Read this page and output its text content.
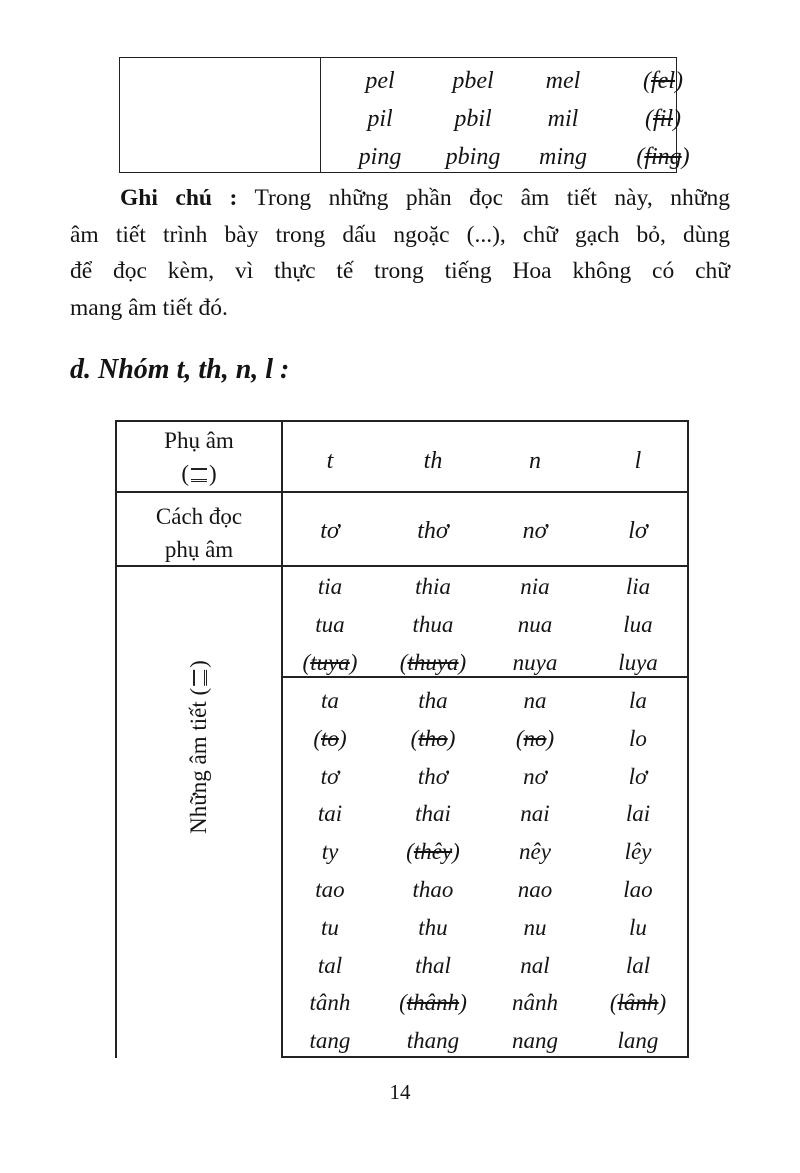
pel	pbel	mel	(fel)
pil	pbil	mil	(fil)
ping	pbing	ming	(fing)
Ghi chú : Trong những phần đọc âm tiết này, những
âm tiết trình bày trong dấu ngoặc (...), chữ gạch bỏ, dùng
để đọc kèm, vì thực tế trong tiếng Hoa không có chữ
mang âm tiết đó.
d. Nhóm t, th, n, l :
Phụ âm
( )	t	th	n	l
Cách đọc
phụ âm
tơ	thơ	nơ	lơ
Những âm tiết ()
tia	thia	nia	lia
tua	thua	nua	lua
(tuya)	(thuya)	nuya	luya
ta	tha	na	la
(to)	(tho)	(no)	lo
tơ	thơ	nơ	lơ
tai	thai	nai	lai
ty	(thêy)	nêy	lêy
tao	thao	nao	lao
tu	thu	nu	lu
tal	thal	nal	lal
tânh	(thânh)	nânh	(lânh)
tang	thang	nang	lang
14
